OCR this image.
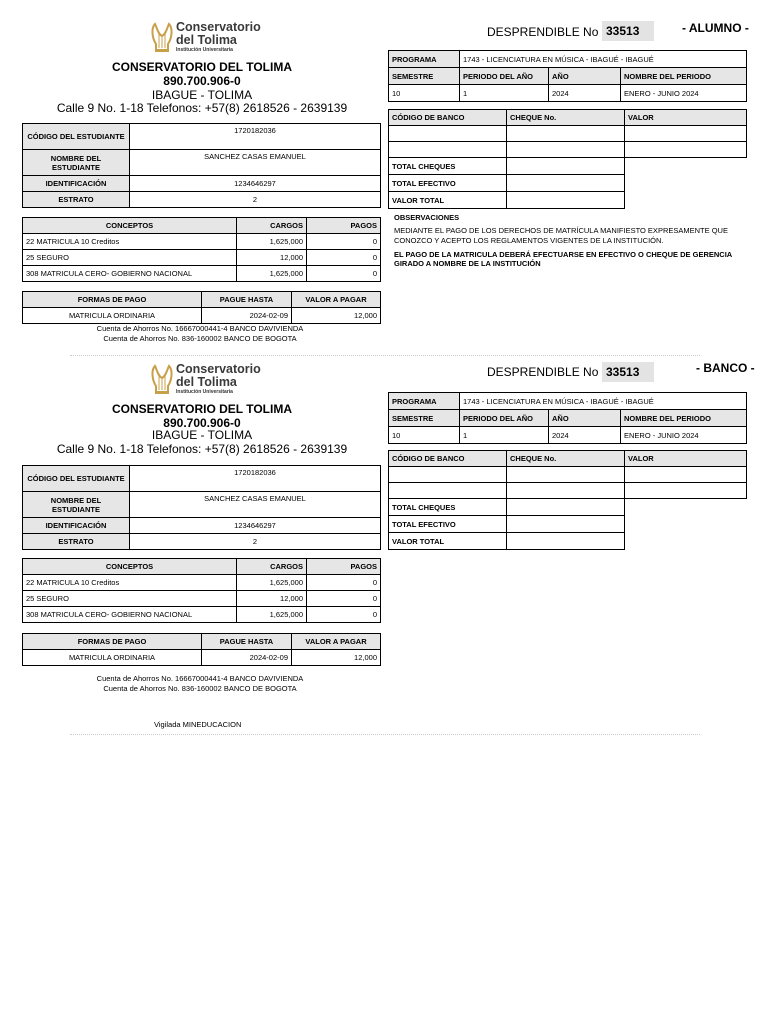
Conservatorio
del Tolima
Institución Universitaria
CONSERVATORIO DEL TOLIMA
890.700.906-0
IBAGUE - TOLIMA
Calle 9 No. 1-18 Telefonos: +57(8) 2618526 - 2639139
DESPRENDIBLE No 33513	- ALUMNO -
PROGRAMA	1743 - LICENCIATURA EN MÚSICA - IBAGUÉ - IBAGUÉ		
SEMESTRE	PERIODO DEL AÑO	AÑO	NOMBRE DEL PERIODO
10	1	2024	ENERO - JUNIO 2024
CÓDIGO DE BANCO	CHEQUE No.	VALOR

TOTAL CHEQUES		
TOTAL EFECTIVO		
VALOR TOTAL		
OBSERVACIONES
MEDIANTE EL PAGO DE LOS DERECHOS DE MATRÍCULA MANIFIESTO EXPRESAMENTE QUE CONOZCO Y ACEPTO LOS REGLAMENTOS VIGENTES DE LA INSTITUCIÓN.
EL PAGO DE LA MATRICULA DEBERÁ EFECTUARSE EN EFECTIVO O CHEQUE DE GERENCIA GIRADO A NOMBRE DE LA INSTITUCIÓN
CÓDIGO DEL ESTUDIANTE	1720182036
NOMBRE DEL ESTUDIANTE	SANCHEZ CASAS EMANUEL
IDENTIFICACIÓN	1234646297
ESTRATO	2
CONCEPTOS	CARGOS	PAGOS
22 MATRICULA 10 Creditos	1,625,000	0
25 SEGURO	12,000	0
308 MATRICULA CERO- GOBIERNO NACIONAL	1,625,000	0
FORMAS DE PAGO	PAGUE HASTA	VALOR A PAGAR
MATRICULA ORDINARIA	2024-02-09	12,000
Cuenta de Ahorros No. 16667000441-4 BANCO DAVIVIENDA
Cuenta de Ahorros No. 836-160002 BANCO DE BOGOTA
Conservatorio
del Tolima
Institución Universitaria
CONSERVATORIO DEL TOLIMA
890.700.906-0
IBAGUE - TOLIMA
Calle 9 No. 1-18 Telefonos: +57(8) 2618526 - 2639139
DESPRENDIBLE No 33513	- BANCO -
PROGRAMA	1743 - LICENCIATURA EN MÚSICA - IBAGUÉ - IBAGUÉ		
SEMESTRE	PERIODO DEL AÑO	AÑO	NOMBRE DEL PERIODO
10	1	2024	ENERO - JUNIO 2024
CÓDIGO DE BANCO	CHEQUE No.	VALOR

TOTAL CHEQUES		
TOTAL EFECTIVO		
VALOR TOTAL		
CÓDIGO DEL ESTUDIANTE	1720182036
NOMBRE DEL ESTUDIANTE	SANCHEZ CASAS EMANUEL
IDENTIFICACIÓN	1234646297
ESTRATO	2
CONCEPTOS	CARGOS	PAGOS
22 MATRICULA 10 Creditos	1,625,000	0
25 SEGURO	12,000	0
308 MATRICULA CERO- GOBIERNO NACIONAL	1,625,000	0
FORMAS DE PAGO	PAGUE HASTA	VALOR A PAGAR
MATRICULA ORDINARIA	2024-02-09	12,000
Cuenta de Ahorros No. 16667000441-4 BANCO DAVIVIENDA
Cuenta de Ahorros No. 836-160002 BANCO DE BOGOTA
Vigilada MINEDUCACION
